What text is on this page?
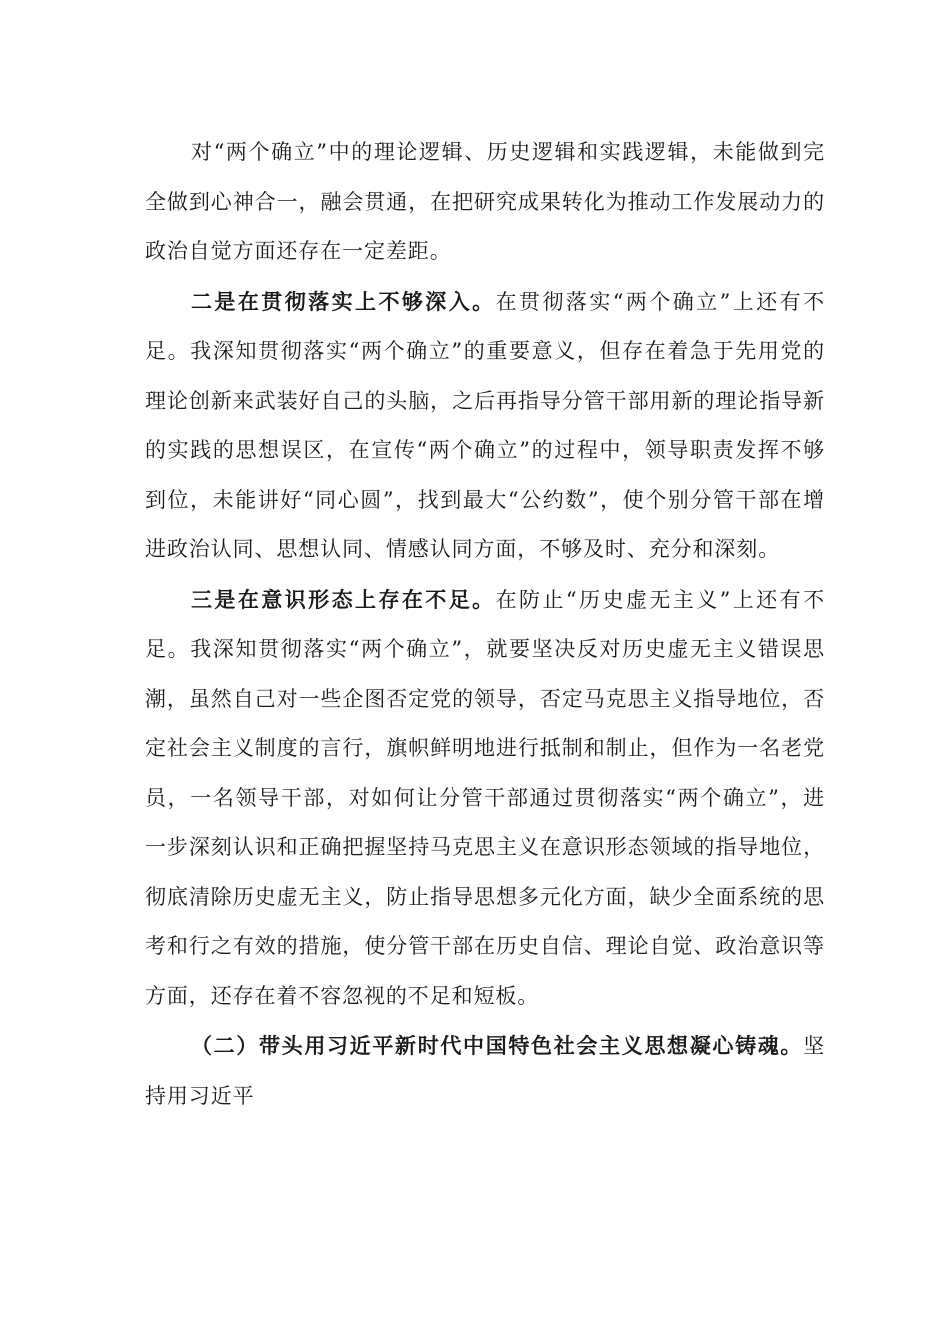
对“两个确立”中的理论逻辑、历史逻辑和实践逻辑，未能做到完全做到心神合一，融会贯通，在把研究成果转化为推动工作发展动力的政治自觉方面还存在一定差距。

二是在贯彻落实上不够深入。在贯彻落实“两个确立”上还有不足。我深知贯彻落实“两个确立”的重要意义，但存在着急于先用党的理论创新来武装好自己的头脑，之后再指导分管干部用新的理论指导新的实践的思想误区，在宣传“两个确立”的过程中，领导职责发挥不够到位，未能讲好“同心圆”，找到最大“公约数”，使个别分管干部在增进政治认同、思想认同、情感认同方面，不够及时、充分和深刻。

三是在意识形态上存在不足。在防止“历史虚无主义”上还有不足。我深知贯彻落实“两个确立”，就要坚决反对历史虚无主义错误思潮，虽然自己对一些企图否定党的领导，否定马克思主义指导地位，否定社会主义制度的言行，旗帜鲜明地进行抵制和制止，但作为一名老党员，一名领导干部，对如何让分管干部通过贯彻落实“两个确立”，进一步深刻认识和正确把握坚持马克思主义在意识形态领域的指导地位，彻底清除历史虚无主义，防止指导思想多元化方面，缺少全面系统的思考和行之有效的措施，使分管干部在历史自信、理论自觉、政治意识等方面，还存在着不容忽视的不足和短板。

（二）带头用习近平新时代中国特色社会主义思想凝心铸魂。坚持用习近平
